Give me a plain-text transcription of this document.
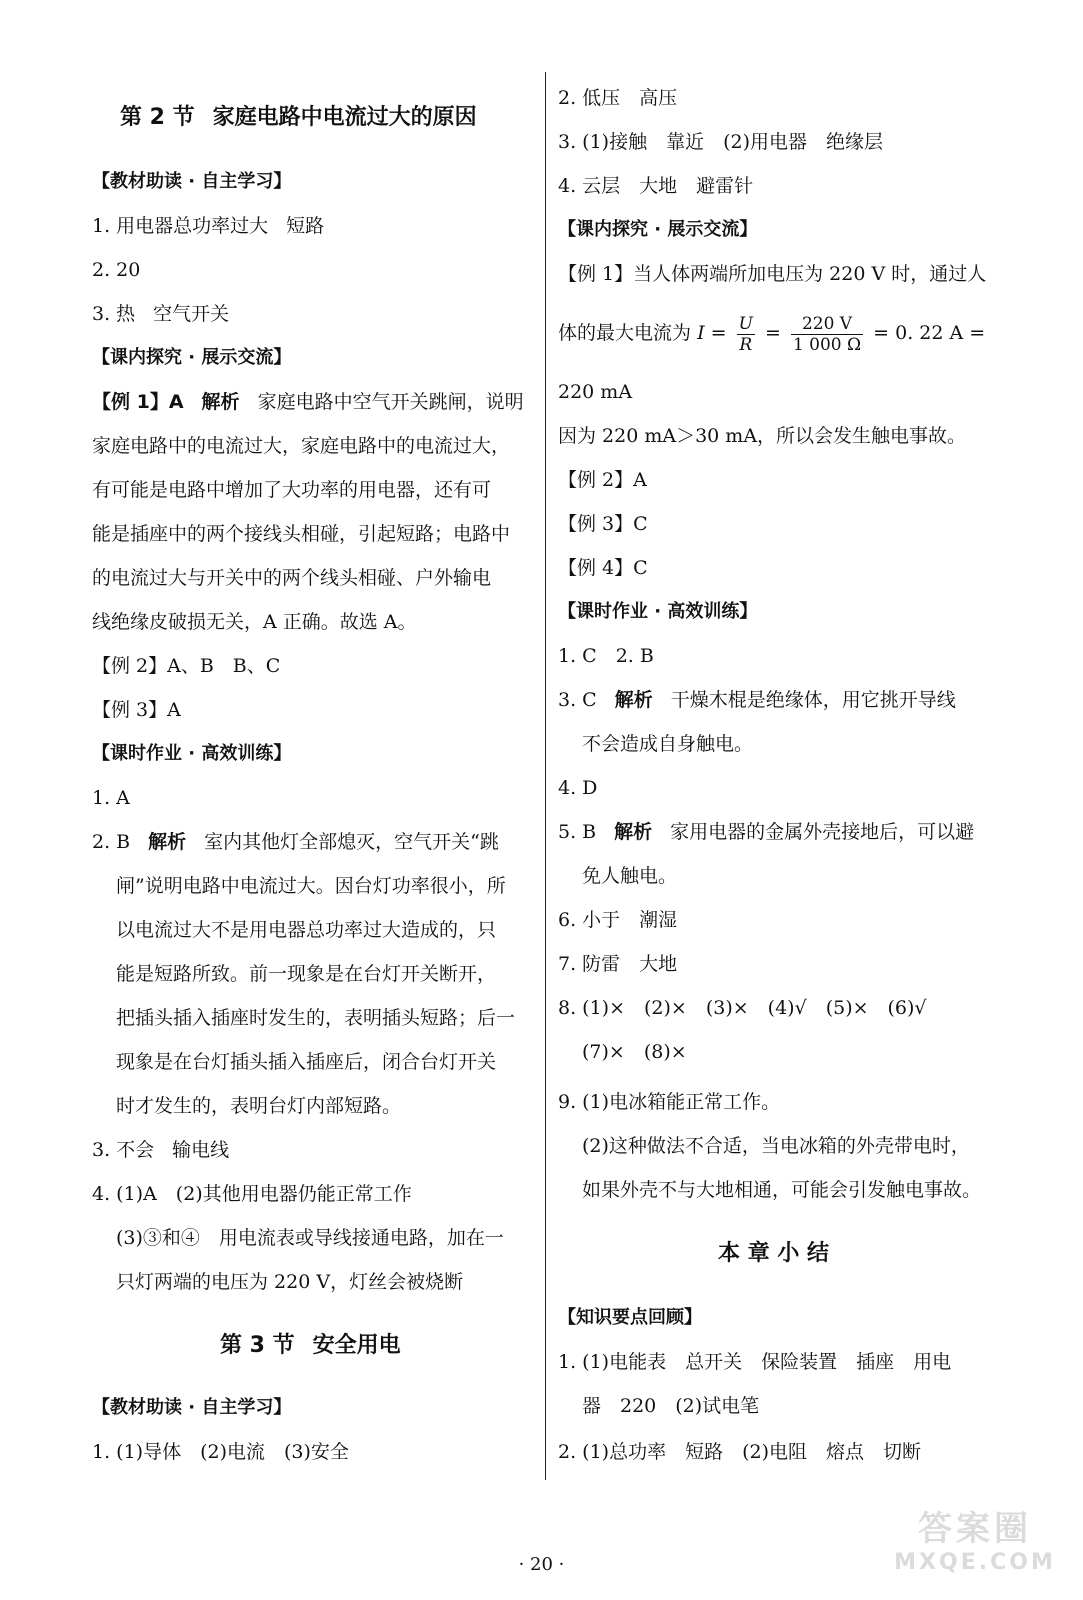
第 2 节 家庭电路中电流过大的原因
【教材助读 · 自主学习】
1. 用电器总功率过大 短路
2. 20
3. 热 空气开关
【课内探究 · 展示交流】
【例 1】A 解析 家庭电路中空气开关跳闸，说明
家庭电路中的电流过大，家庭电路中的电流过大，
有可能是电路中增加了大功率的用电器，还有可
能是插座中的两个接线头相碰，引起短路；电路中
的电流过大与开关中的两个线头相碰、户外输电
线绝缘皮破损无关，A 正确。故选 A。
【例 2】A、B　B、C
【例 3】A
【课时作业 · 高效训练】
1. A
2. B 解析 室内其他灯全部熄灭，空气开关“跳
闸”说明电路中电流过大。因台灯功率很小，所
以电流过大不是用电器总功率过大造成的，只
能是短路所致。前一现象是在台灯开关断开，
把插头插入插座时发生的，表明插头短路；后一
现象是在台灯插头插入插座后，闭合台灯开关
时才发生的，表明台灯内部短路。
3. 不会 输电线
4. (1)A　(2)其他用电器仍能正常工作
(3)③和④　用电流表或导线接通电路，加在一
只灯两端的电压为 220 V，灯丝会被烧断
第 3 节 安全用电
【教材助读 · 自主学习】
1. (1)导体　(2)电流　(3)安全
2. 低压　高压
3. (1)接触　靠近　(2)用电器　绝缘层
4. 云层　大地　避雷针
【课内探究 · 展示交流】
【例 1】当人体两端所加电压为 220 V 时，通过人
体的最大电流为 $I = \frac{U}{R} = \frac{220 V}{1 000 \Omega} = 0$. 22 A =
220 mA
因为 220 mA＞30 mA，所以会发生触电事故。
【例 2】A
【例 3】C
【例 4】C
【课时作业 · 高效训练】
1. C　2. B
3. C 解析 干燥木棍是绝缘体，用它挑开导线
不会造成自身触电。
4. D
5. B 解析 家用电器的金属外壳接地后，可以避
免人触电。
6. 小于　潮湿
7. 防雷　大地
8. (1)×　(2)×　(3)×　(4)√　(5)×　(6)√
(7)×　(8)×
9. (1)电冰箱能正常工作。
(2)这种做法不合适，当电冰箱的外壳带电时，
如果外壳不与大地相通，可能会引发触电事故。
本 章 小 结
【知识要点回顾】
1. (1)电能表　总开关　保险装置　插座　用电
器　220　(2)试电笔
2. (1)总功率　短路　(2)电阻　熔点　切断
· 20 ·
答案圈
MXQE.COM
